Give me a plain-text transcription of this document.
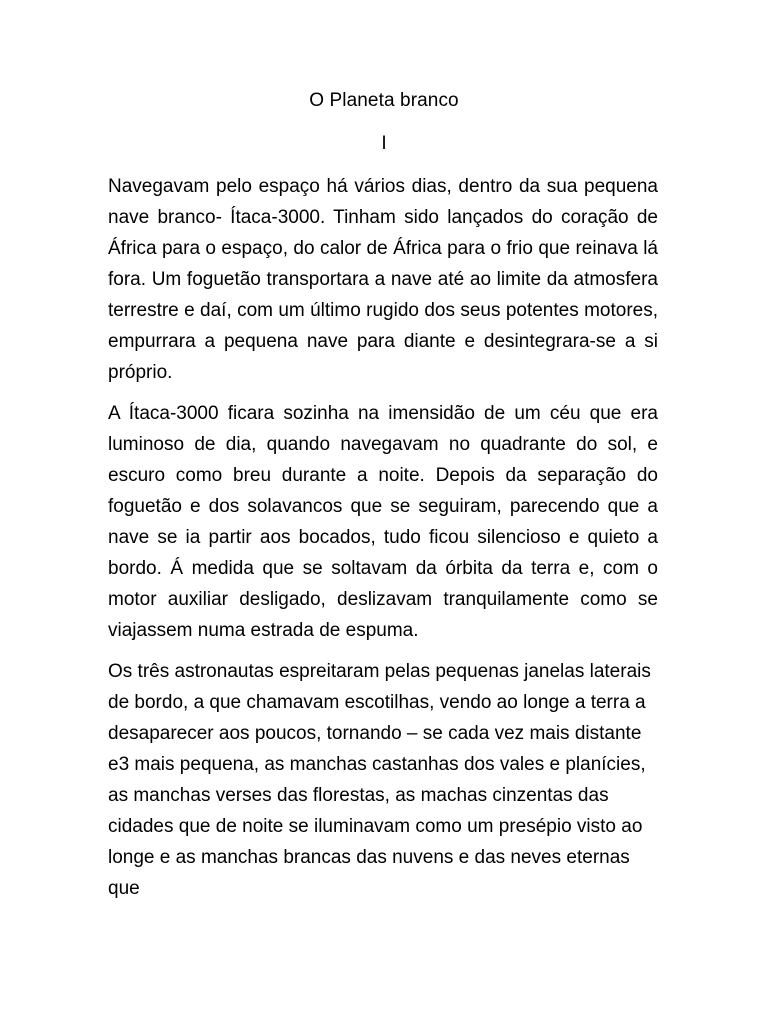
O Planeta branco
I

Navegavam pelo espaço há vários dias, dentro da sua pequena nave branco- Ítaca-3000. Tinham sido lançados do coração de África para o espaço, do calor de África para o frio que reinava lá fora. Um foguetão transportara a nave até ao limite da atmosfera terrestre e daí, com um último rugido dos seus potentes motores, empurrara a pequena nave para diante e desintegrara-se a si próprio.

A Ítaca-3000 ficara sozinha na imensidão de um céu que era luminoso de dia, quando navegavam no quadrante do sol, e escuro como breu durante a noite. Depois da separação do foguetão e dos solavancos que se seguiram, parecendo que a nave se ia partir aos bocados, tudo ficou silencioso e quieto a bordo. Á medida que se soltavam da órbita da terra e, com o motor auxiliar desligado, deslizavam tranquilamente como se viajassem numa estrada de espuma.

Os três astronautas espreitaram pelas pequenas janelas laterais de bordo, a que chamavam escotilhas, vendo ao longe a terra a desaparecer aos poucos, tornando – se cada vez mais distante e3 mais pequena, as manchas castanhas dos vales e planícies, as manchas verses das florestas, as machas cinzentas das cidades que de noite se iluminavam como um presépio visto ao longe e as manchas brancas das nuvens e das neves eternas que
